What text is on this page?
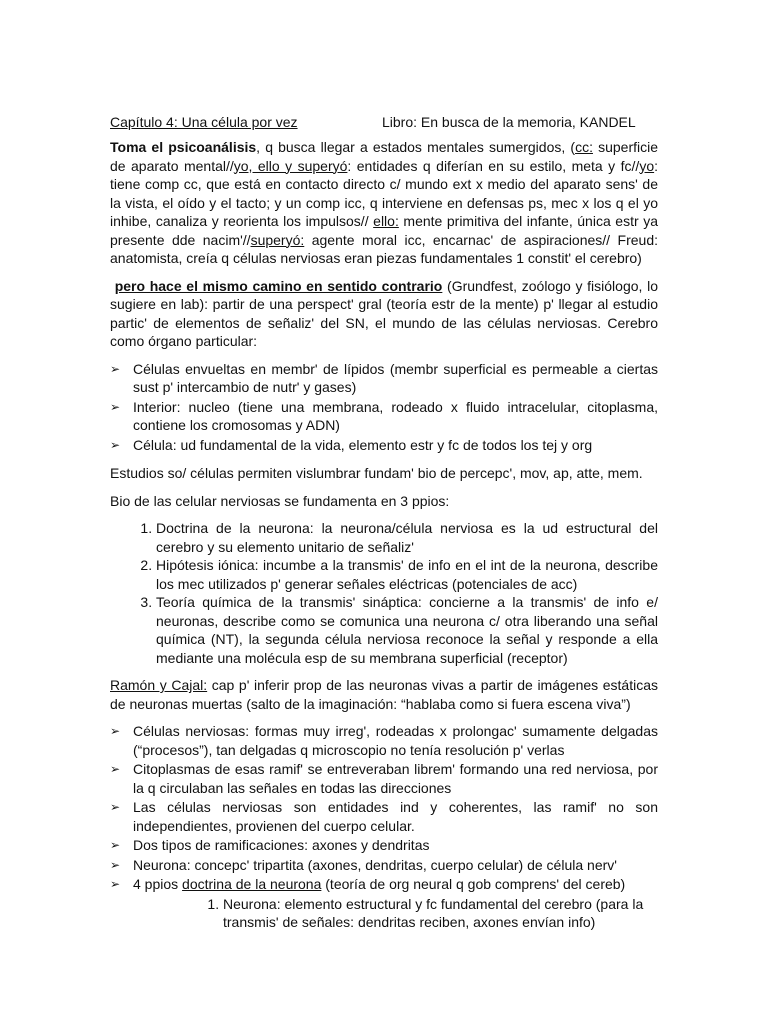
Capítulo 4: Una célula por vez	Libro: En busca de la memoria, KANDEL

Toma el psicoanálisis, q busca llegar a estados mentales sumergidos, (cc: superficie de aparato mental//yo, ello y superyó: entidades q diferían en su estilo, meta y fc//yo: tiene comp cc, que está en contacto directo c/ mundo ext x medio del aparato sens' de la vista, el oído y el tacto; y un comp icc, q interviene en defensas ps, mec x los q el yo inhibe, canaliza y reorienta los impulsos// ello: mente primitiva del infante, única estr ya presente dde nacim'//superyó: agente moral icc, encarnac' de aspiraciones// Freud: anatomista, creía q células nerviosas eran piezas fundamentales 1 constit' el cerebro)

pero hace el mismo camino en sentido contrario (Grundfest, zoólogo y fisiólogo, lo sugiere en lab): partir de una perspect' gral (teoría estr de la mente) p' llegar al estudio partic' de elementos de señaliz' del SN, el mundo de las células nerviosas. Cerebro como órgano particular:

➢ Células envueltas en membr' de lípidos (membr superficial es permeable a ciertas sust p' intercambio de nutr' y gases)
➢ Interior: nucleo (tiene una membrana, rodeado x fluido intracelular, citoplasma, contiene los cromosomas y ADN)
➢ Célula: ud fundamental de la vida, elemento estr y fc de todos los tej y org

Estudios so/ células permiten vislumbrar fundam' bio de percepc', mov, ap, atte, mem.

Bio de las celular nerviosas se fundamenta en 3 ppios:

1. Doctrina de la neurona: la neurona/célula nerviosa es la ud estructural del cerebro y su elemento unitario de señaliz'
2. Hipótesis iónica: incumbe a la transmis' de info en el int de la neurona, describe los mec utilizados p' generar señales eléctricas (potenciales de acc)
3. Teoría química de la transmis' sináptica: concierne a la transmis' de info e/ neuronas, describe como se comunica una neurona c/ otra liberando una señal química (NT), la segunda célula nerviosa reconoce la señal y responde a ella mediante una molécula esp de su membrana superficial (receptor)

Ramón y Cajal: cap p' inferir prop de las neuronas vivas a partir de imágenes estáticas de neuronas muertas (salto de la imaginación: “hablaba como si fuera escena viva”)

➢ Células nerviosas: formas muy irreg', rodeadas x prolongac' sumamente delgadas (“procesos”), tan delgadas q microscopio no tenía resolución p' verlas
➢ Citoplasmas de esas ramif' se entreveraban librem' formando una red nerviosa, por la q circulaban las señales en todas las direcciones
➢ Las células nerviosas son entidades ind y coherentes, las ramif' no son independientes, provienen del cuerpo celular.
➢ Dos tipos de ramificaciones: axones y dendritas
➢ Neurona: concepc' tripartita (axones, dendritas, cuerpo celular) de célula nerv'
➢ 4 ppios doctrina de la neurona (teoría de org neural q gob comprens' del cereb)
1. Neurona: elemento estructural y fc fundamental del cerebro (para la transmis' de señales: dendritas reciben, axones envían info)
